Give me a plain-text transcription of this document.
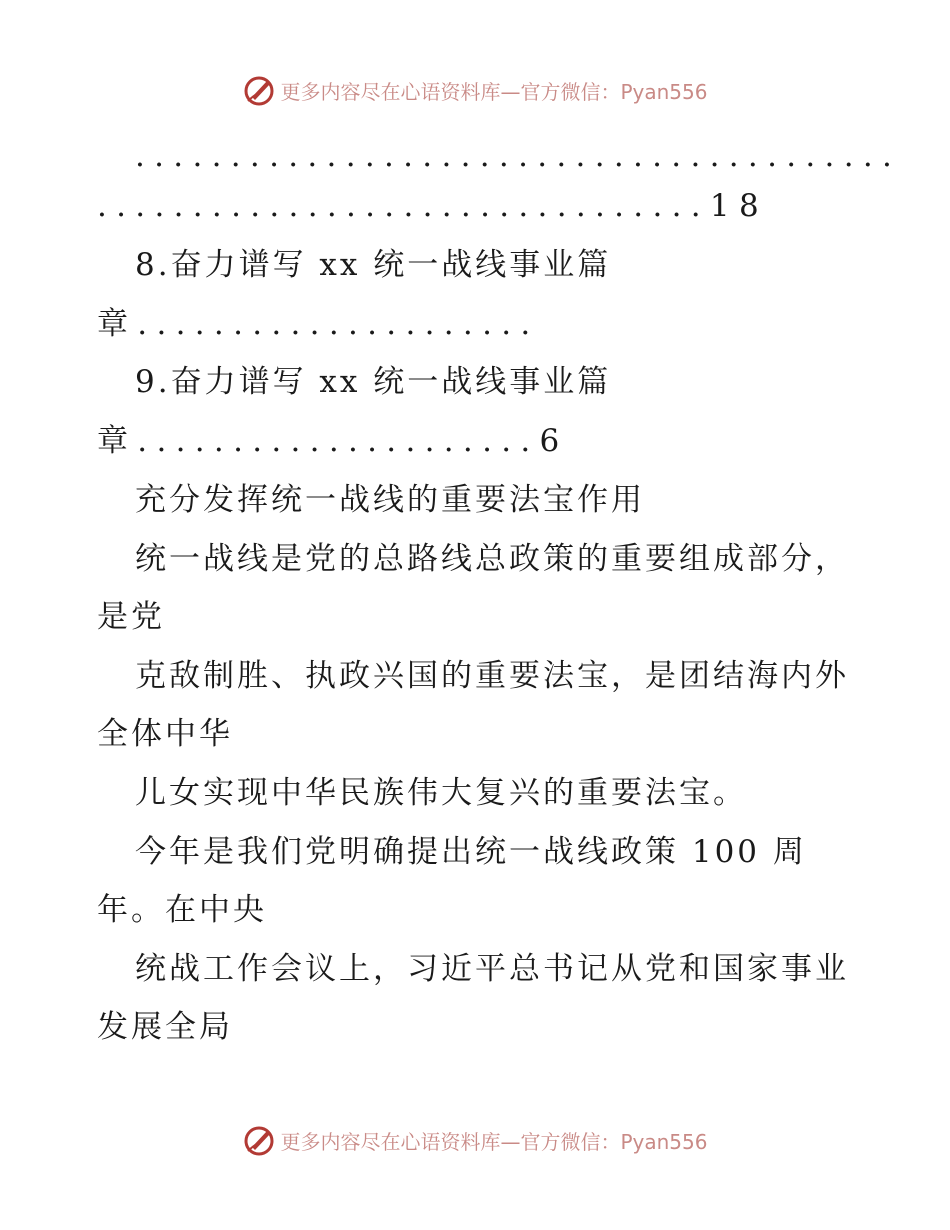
更多内容尽在心语资料库—官方微信：Pyan556
........................................
................................18
8.奋力谱写 xx 统一战线事业篇
章.....................
9.奋力谱写 xx 统一战线事业篇
章.....................6
充分发挥统一战线的重要法宝作用
统一战线是党的总路线总政策的重要组成部分，
是党
克敌制胜、执政兴国的重要法宝，是团结海内外
全体中华
儿女实现中华民族伟大复兴的重要法宝。
今年是我们党明确提出统一战线政策 100 周
年。在中央
统战工作会议上，习近平总书记从党和国家事业
发展全局
更多内容尽在心语资料库—官方微信：Pyan556
